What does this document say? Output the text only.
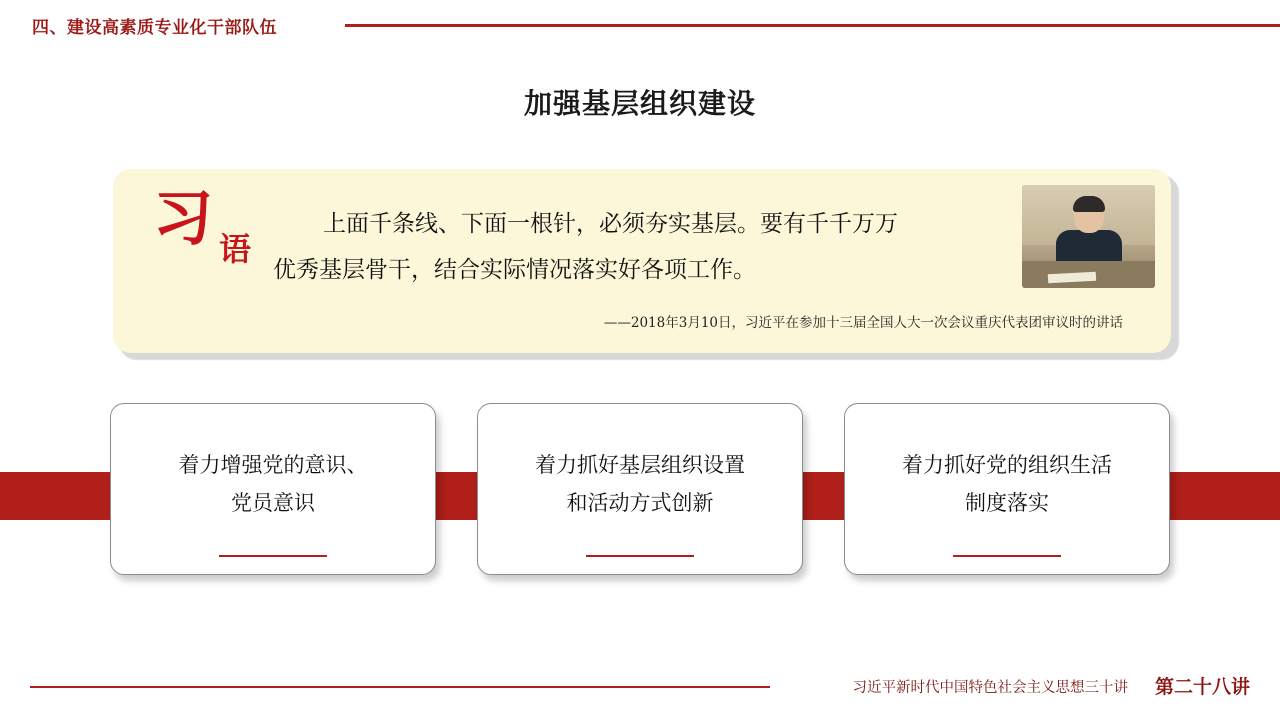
四、建设高素质专业化干部队伍
加强基层组织建设
习 语
上面千条线、下面一根针，必须夯实基层。要有千千万万
优秀基层骨干，结合实际情况落实好各项工作。
——2018年3月10日，习近平在参加十三届全国人大一次会议重庆代表团审议时的讲话
着力增强党的意识、
党员意识
着力抓好基层组织设置
和活动方式创新
着力抓好党的组织生活
制度落实
习近平新时代中国特色社会主义思想三十讲 第二十八讲
